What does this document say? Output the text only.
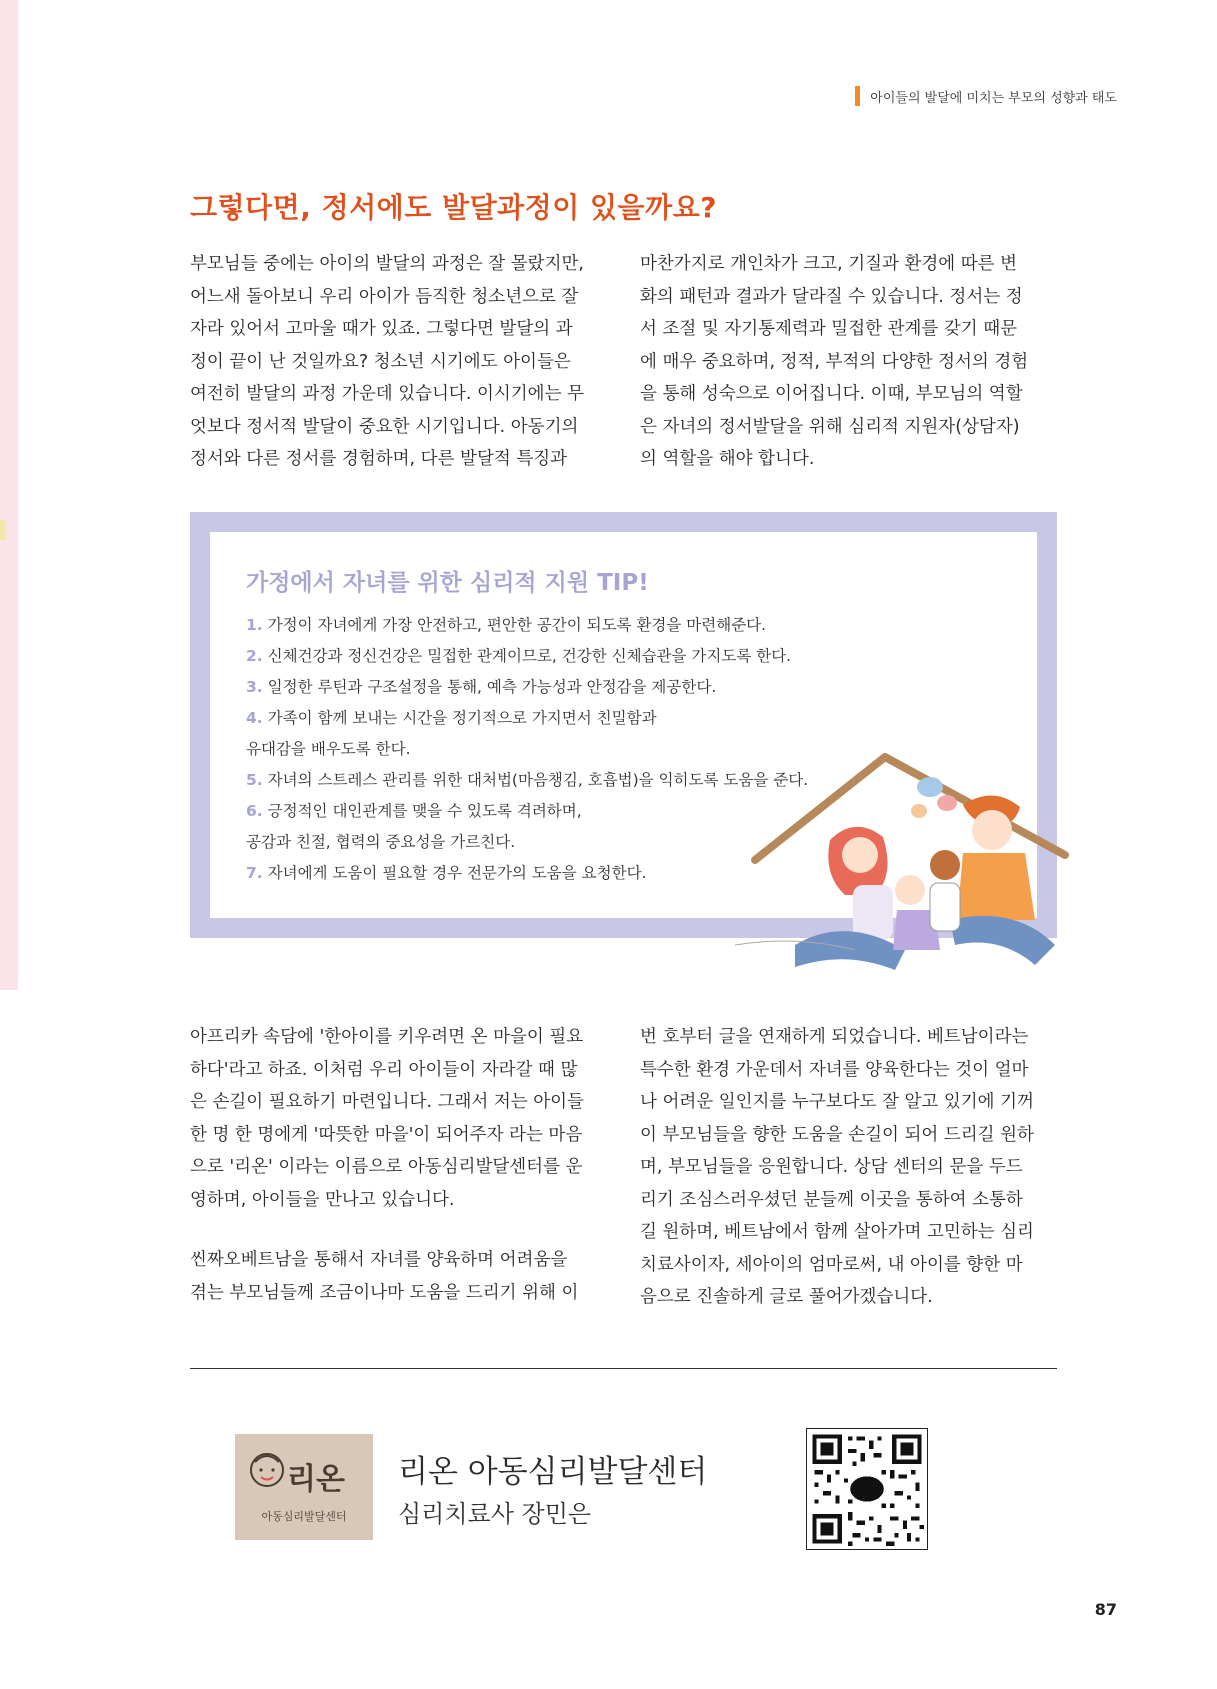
아이들의 발달에 미치는 부모의 성향과 태도
그렇다면, 정서에도 발달과정이 있을까요?

부모님들 중에는 아이의 발달의 과정은 잘 몰랐지만,

어느새 돌아보니 우리 아이가 듬직한 청소년으로 잘

자라 있어서 고마울 때가 있죠. 그렇다면 발달의 과

정이 끝이 난 것일까요? 청소년 시기에도 아이들은

여전히 발달의 과정 가운데 있습니다. 이시기에는 무

엇보다 정서적 발달이 중요한 시기입니다. 아동기의

정서와 다른 정서를 경험하며, 다른 발달적 특징과

마찬가지로 개인차가 크고, 기질과 환경에 따른 변

화의 패턴과 결과가 달라질 수 있습니다. 정서는 정

서 조절 및 자기통제력과 밀접한 관계를 갖기 때문

에 매우 중요하며, 정적, 부적의 다양한 정서의 경험

을 통해 성숙으로 이어집니다. 이때, 부모님의 역할

은 자녀의 정서발달을 위해 심리적 지원자(상담자)

의 역할을 해야 합니다.

가정에서 자녀를 위한 심리적 지원 TIP!
1. 가정이 자녀에게 가장 안전하고, 편안한 공간이 되도록 환경을 마련해준다.
2. 신체건강과 정신건강은 밀접한 관계이므로, 건강한 신체습관을 가지도록 한다.
3. 일정한 루틴과 구조설정을 통해, 예측 가능성과 안정감을 제공한다.
4. 가족이 함께 보내는 시간을 정기적으로 가지면서 친밀함과
유대감을 배우도록 한다.
5. 자녀의 스트레스 관리를 위한 대처법(마음챙김, 호흡법)을 익히도록 도움을 준다.
6. 긍정적인 대인관계를 맺을 수 있도록 격려하며,
공감과 친절, 협력의 중요성을 가르친다.
7. 자녀에게 도움이 필요할 경우 전문가의 도움을 요청한다.

아프리카 속담에 '한아이를 키우려면 온 마을이 필요

하다'라고 하죠. 이처럼 우리 아이들이 자라갈 때 많

은 손길이 필요하기 마련입니다. 그래서 저는 아이들

한 명 한 명에게 '따뜻한 마을'이 되어주자 라는 마음

으로 '리온' 이라는 이름으로 아동심리발달센터를 운

영하며, 아이들을 만나고 있습니다.

씬짜오베트남을 통해서 자녀를 양육하며 어려움을

겪는 부모님들께 조금이나마 도움을 드리기 위해 이

번 호부터 글을 연재하게 되었습니다. 베트남이라는

특수한 환경 가운데서 자녀를 양육한다는 것이 얼마

나 어려운 일인지를 누구보다도 잘 알고 있기에 기꺼

이 부모님들을 향한 도움을 손길이 되어 드리길 원하

며, 부모님들을 응원합니다. 상담 센터의 문을 두드

리기 조심스러우셨던 분들께 이곳을 통하여 소통하

길 원하며, 베트남에서 함께 살아가며 고민하는 심리

치료사이자, 세아이의 엄마로써, 내 아이를 향한 마

음으로 진솔하게 글로 풀어가겠습니다.

리온
아동심리발달센터
리온 아동심리발달센터
심리치료사 장민은
87
